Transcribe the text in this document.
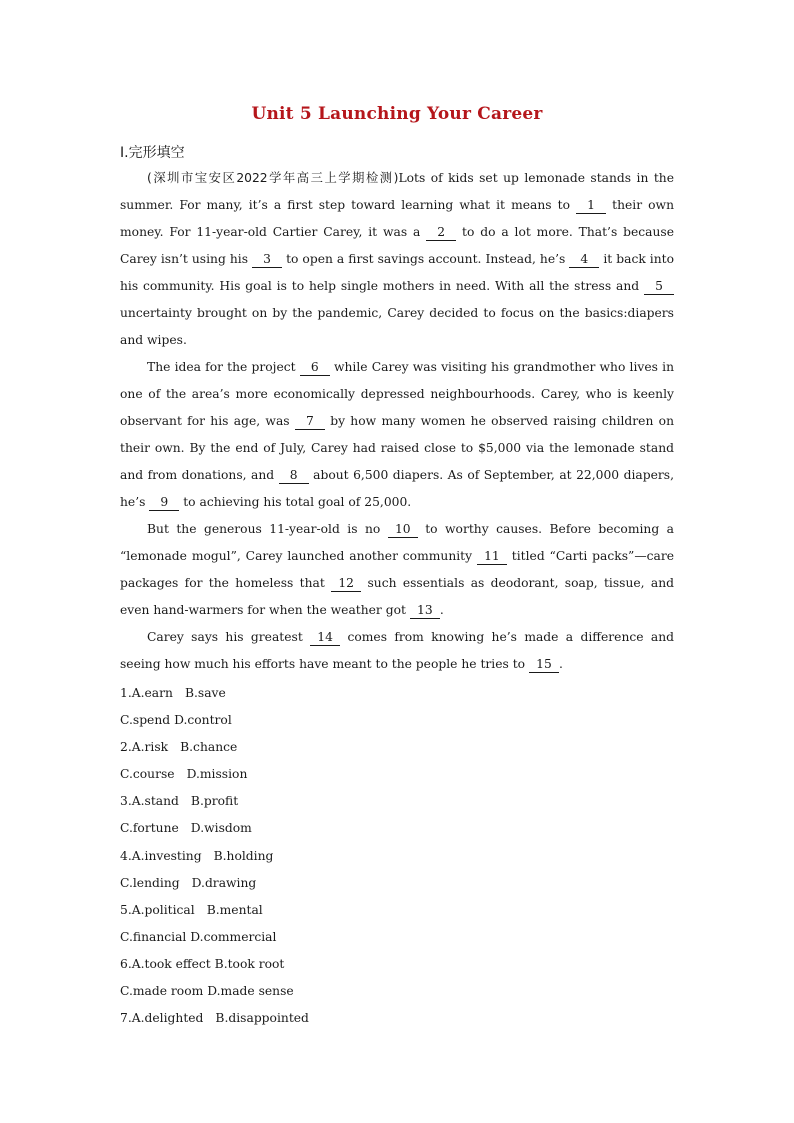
Unit 5 Launching Your Career
Ⅰ.完形填空

(深圳市宝安区2022学年高三上学期检测)Lots of kids set up lemonade stands in the summer. For many, it’s a first step toward learning what it means to 1 their own money. For 11-year-old Cartier Carey, it was a 2 to do a lot more. That’s because Carey isn’t using his 3 to open a first savings account. Instead, he’s 4 it back into his community. His goal is to help single mothers in need. With all the stress and 5 uncertainty brought on by the pandemic, Carey decided to focus on the basics:diapers and wipes.

The idea for the project 6 while Carey was visiting his grandmother who lives in one of the area’s more economically depressed neighbourhoods. Carey, who is keenly observant for his age, was 7 by how many women he observed raising children on their own. By the end of July, Carey had raised close to $5,000 via the lemonade stand and from donations, and 8 about 6,500 diapers. As of September, at 22,000 diapers, he’s 9 to achieving his total goal of 25,000.

But the generous 11-year-old is no 10 to worthy causes. Before becoming a “lemonade mogul”, Carey launched another community 11 titled “Carti packs”—care packages for the homeless that 12 such essentials as deodorant, soap, tissue, and even hand-warmers for when the weather got 13 .

Carey says his greatest 14 comes from knowing he’s made a difference and seeing how much his efforts have meant to the people he tries to 15 .

1.A.earn B.save
C.spend D.control
2.A.risk B.chance
C.course D.mission
3.A.stand B.profit
C.fortune D.wisdom
4.A.investing B.holding
C.lending D.drawing
5.A.political B.mental
C.financial D.commercial
6.A.took effect B.took root
C.made room D.made sense
7.A.delighted B.disappointed
